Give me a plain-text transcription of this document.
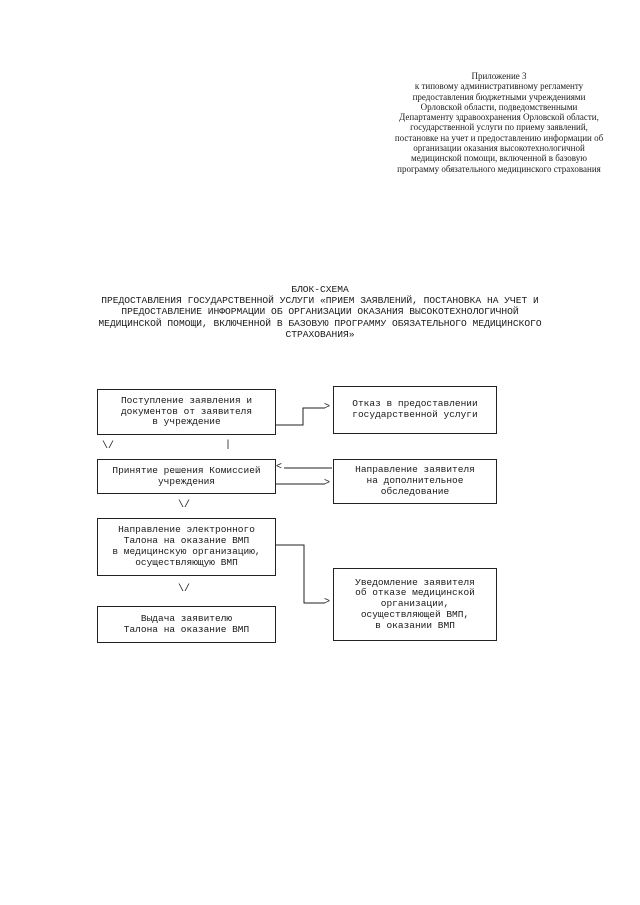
Приложение 3
к типовому административному регламенту
предоставления бюджетными учреждениями
Орловской области, подведомственными
Департаменту здравоохранения Орловской области,
государственной услуги по приему заявлений,
постановке на учет и предоставлению информации об
организации оказания высокотехнологичной
медицинской помощи, включенной в базовую
программу обязательного медицинского страхования
БЛОК-СХЕМА
ПРЕДОСТАВЛЕНИЯ ГОСУДАРСТВЕННОЙ УСЛУГИ «ПРИЕМ ЗАЯВЛЕНИЙ, ПОСТАНОВКА НА УЧЕТ И
ПРЕДОСТАВЛЕНИЕ ИНФОРМАЦИИ ОБ ОРГАНИЗАЦИИ ОКАЗАНИЯ ВЫСОКОТЕХНОЛОГИЧНОЙ
МЕДИЦИНСКОЙ ПОМОЩИ, ВКЛЮЧЕННОЙ В БАЗОВУЮ ПРОГРАММУ ОБЯЗАТЕЛЬНОГО МЕДИЦИНСКОГО
СТРАХОВАНИЯ»
Поступление заявления и
документов от заявителя
в учреждение
Отказ в предоставлении
государственной услуги
Принятие решения Комиссией
учреждения
Направление заявителя
на дополнительное
обследование
Направление электронного
Талона на оказание ВМП
в медицинскую организацию,
осуществляющую ВМП
Уведомление заявителя
об отказе медицинской
организации,
осуществляющей ВМП,
в оказании ВМП
Выдача заявителю
Талона на оказание ВМП
\/	|
\/
\/
>
<
>
>
